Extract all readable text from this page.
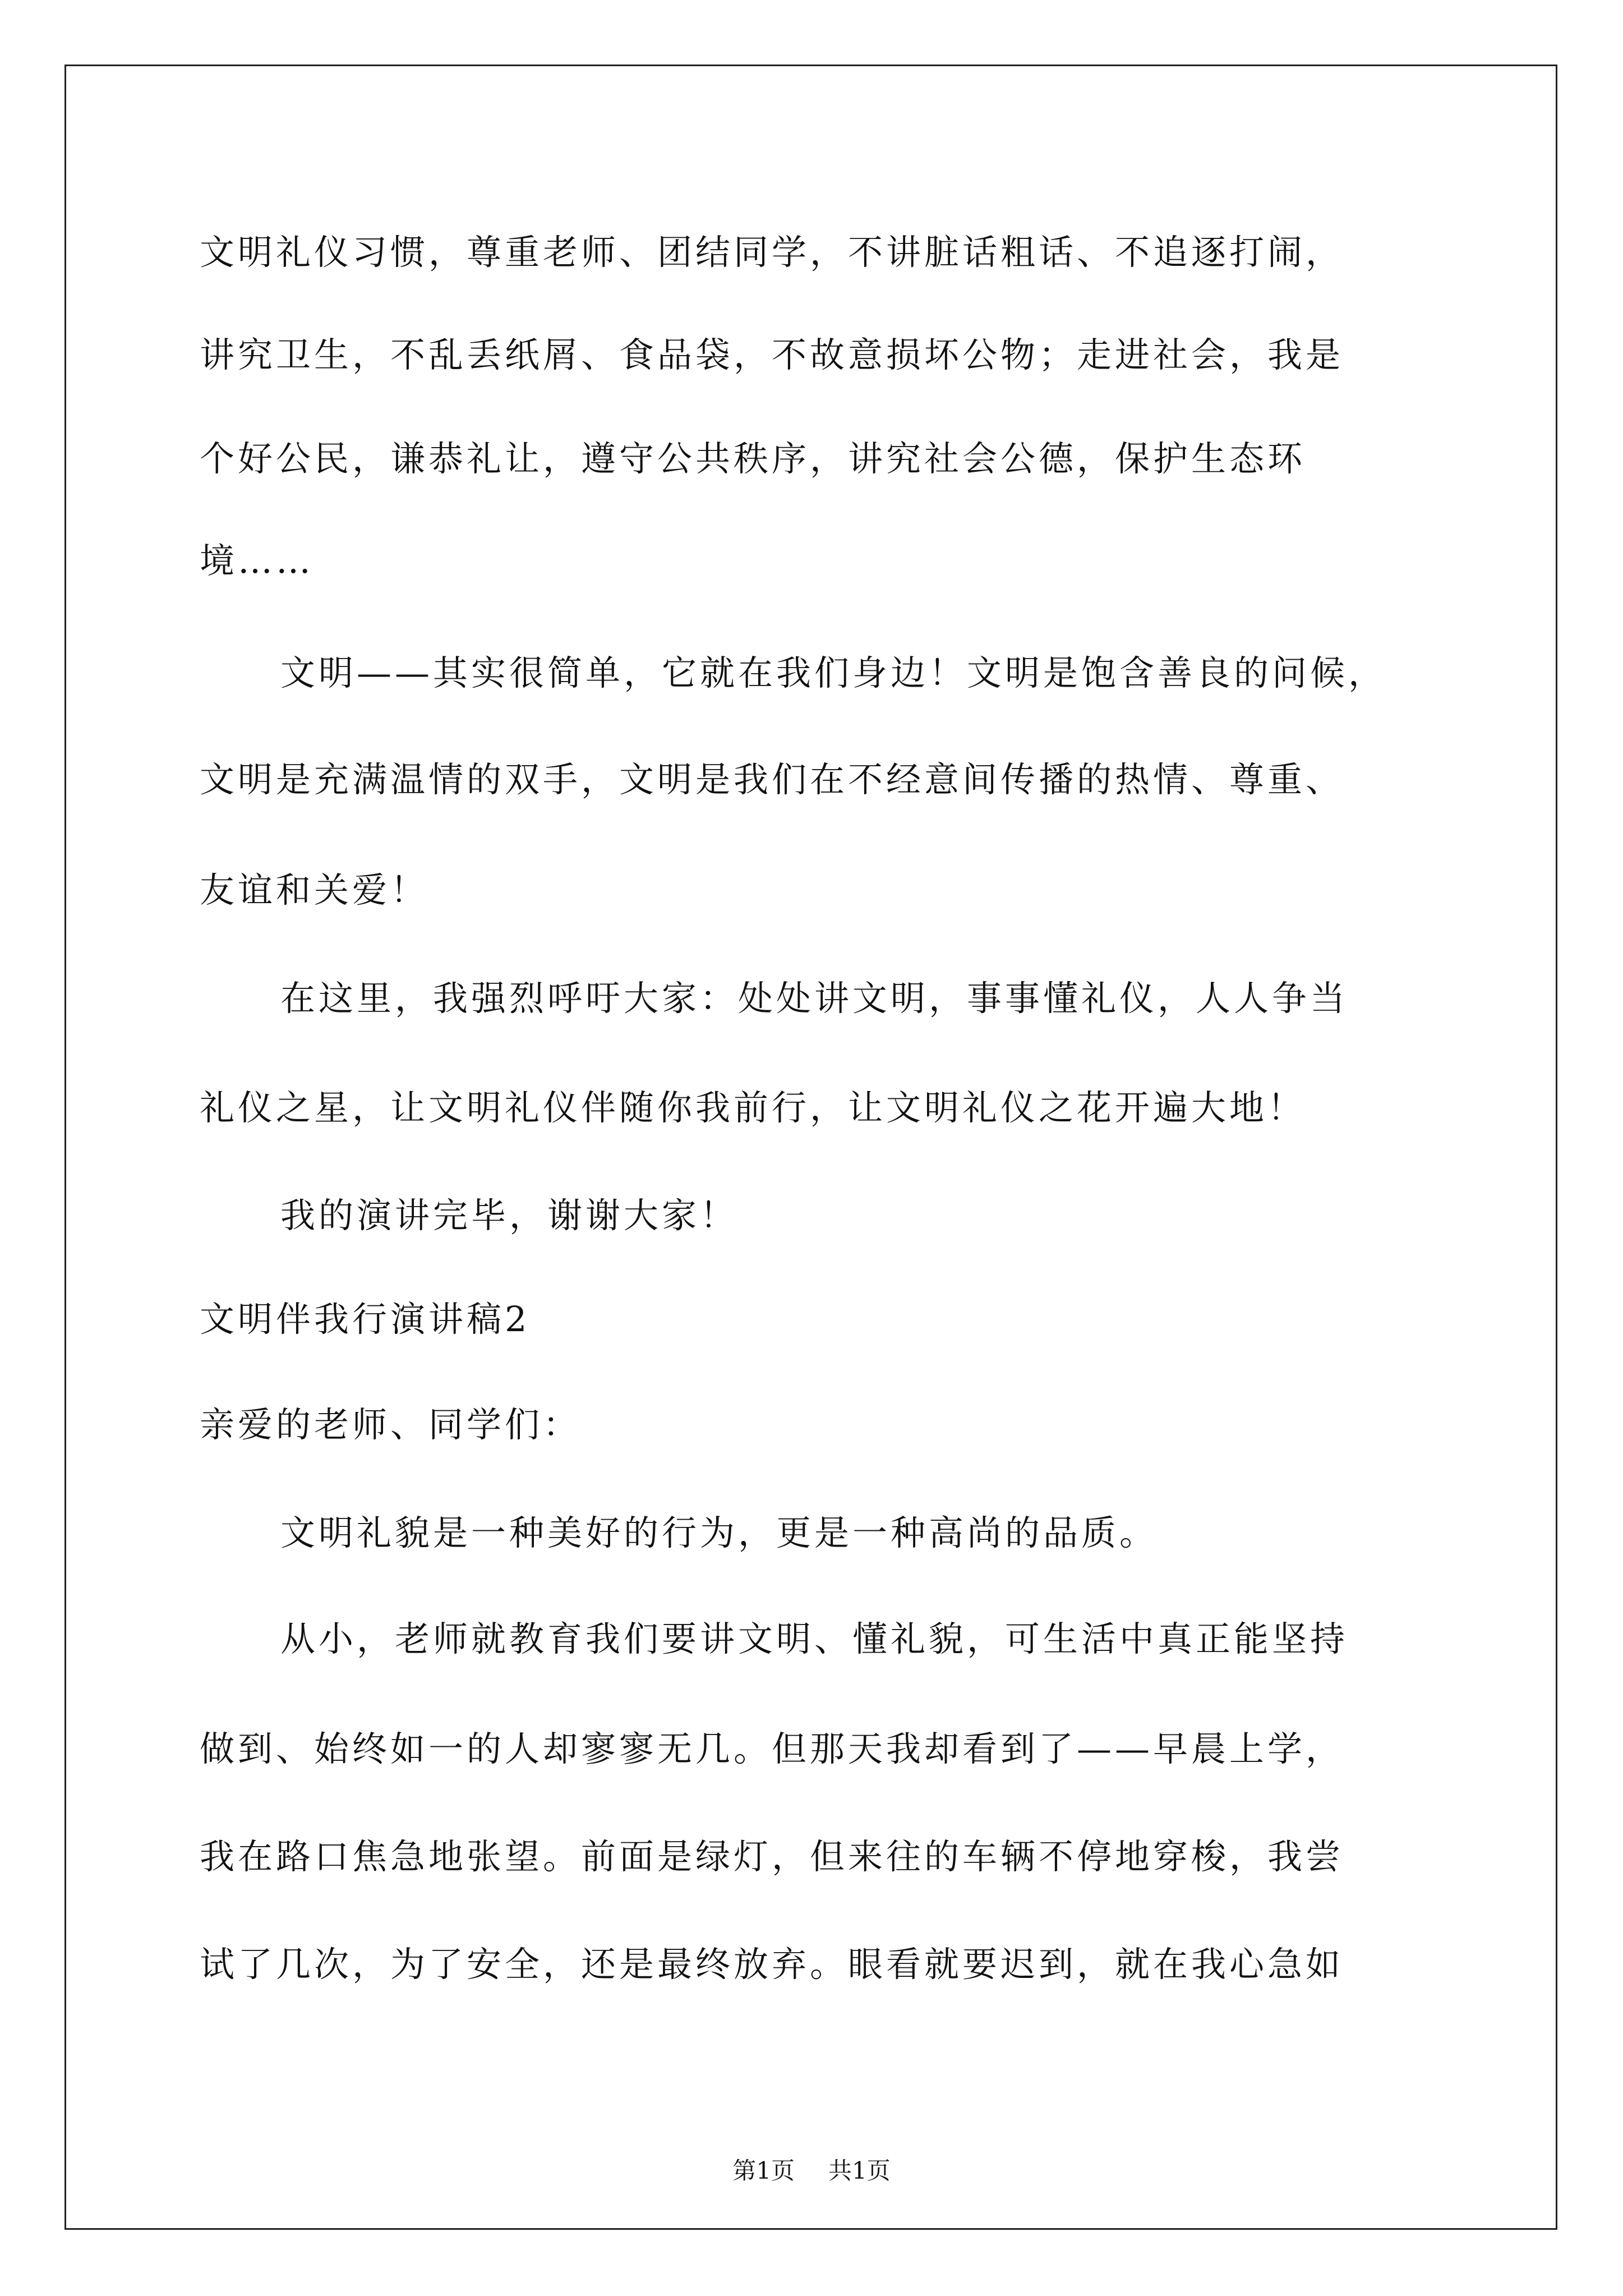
文明礼仪习惯，尊重老师、团结同学，不讲脏话粗话、不追逐打闹，
讲究卫生，不乱丢纸屑、食品袋，不故意损坏公物；走进社会，我是
个好公民，谦恭礼让，遵守公共秩序，讲究社会公德，保护生态环
境……
文明——其实很简单，它就在我们身边！文明是饱含善良的问候，
文明是充满温情的双手，文明是我们在不经意间传播的热情、尊重、
友谊和关爱！
在这里，我强烈呼吁大家：处处讲文明，事事懂礼仪，人人争当
礼仪之星，让文明礼仪伴随你我前行，让文明礼仪之花开遍大地！
我的演讲完毕，谢谢大家！
文明伴我行演讲稿2
亲爱的老师、同学们：
文明礼貌是一种美好的行为，更是一种高尚的品质。
从小，老师就教育我们要讲文明、懂礼貌，可生活中真正能坚持
做到、始终如一的人却寥寥无几。但那天我却看到了——早晨上学，
我在路口焦急地张望。前面是绿灯，但来往的车辆不停地穿梭，我尝
试了几次，为了安全，还是最终放弃。眼看就要迟到，就在我心急如
第1页 共1页
